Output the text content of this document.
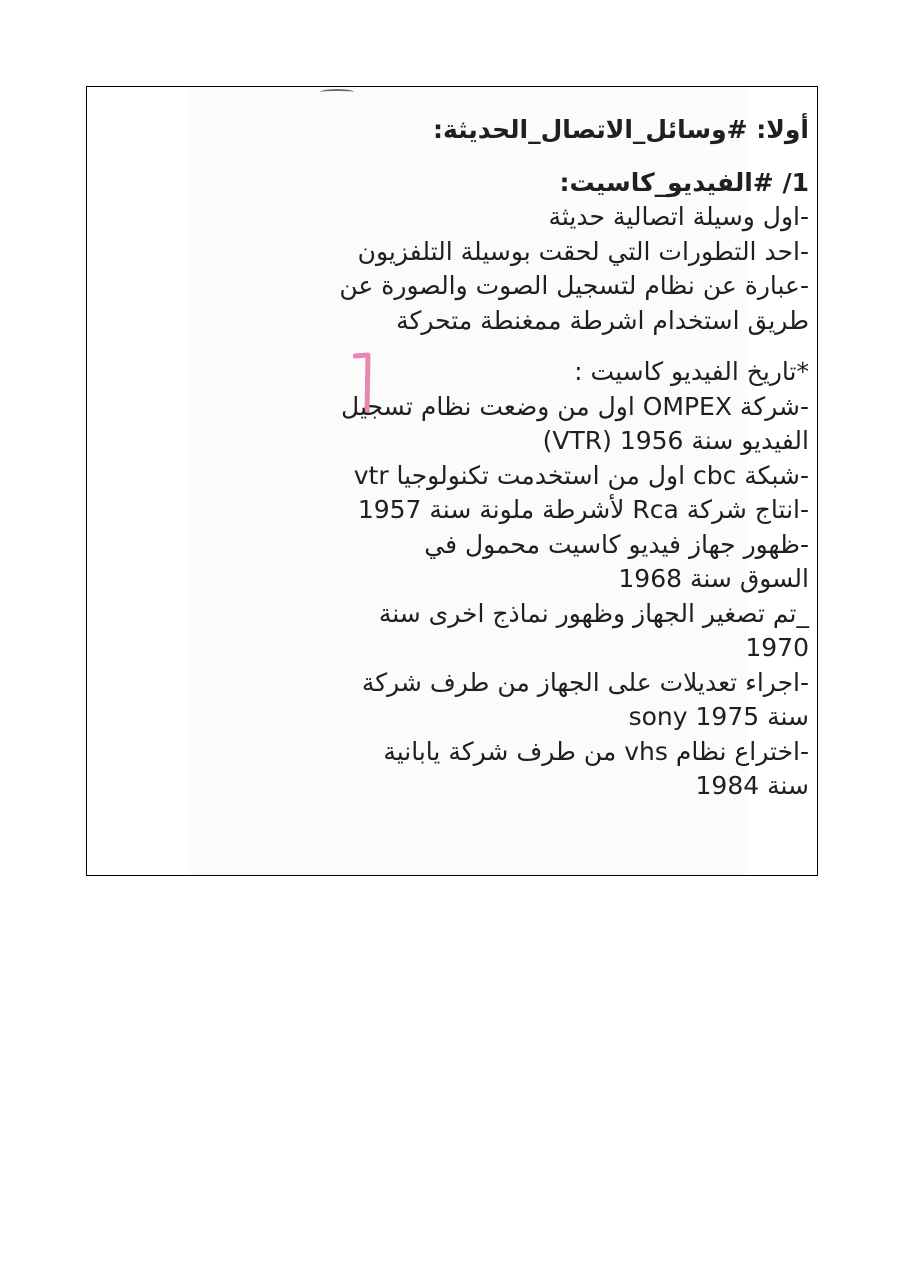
أولا: #وسائل_الاتصال_الحديثة:
1/ #الفيديو_كاسيت:
-اول وسيلة اتصالية حديثة
-احد التطورات التي لحقت بوسيلة التلفزيون
-عبارة عن نظام لتسجيل الصوت والصورة عن
طريق استخدام اشرطة ممغنطة متحركة
*تاريخ الفيديو كاسيت :
-شركة OMPEX اول من وضعت نظام تسجيل
الفيديو سنة 1956 (VTR)
-شبكة cbc اول من استخدمت تكنولوجيا vtr
-انتاج شركة Rca لأشرطة ملونة سنة 1957
-ظهور جهاز فيديو كاسيت محمول في
السوق سنة 1968
_تم تصغير الجهاز وظهور نماذج اخرى سنة
1970
-اجراء تعديلات على الجهاز من طرف شركة
sony سنة 1975
-اختراع نظام vhs من طرف شركة يابانية
سنة 1984
